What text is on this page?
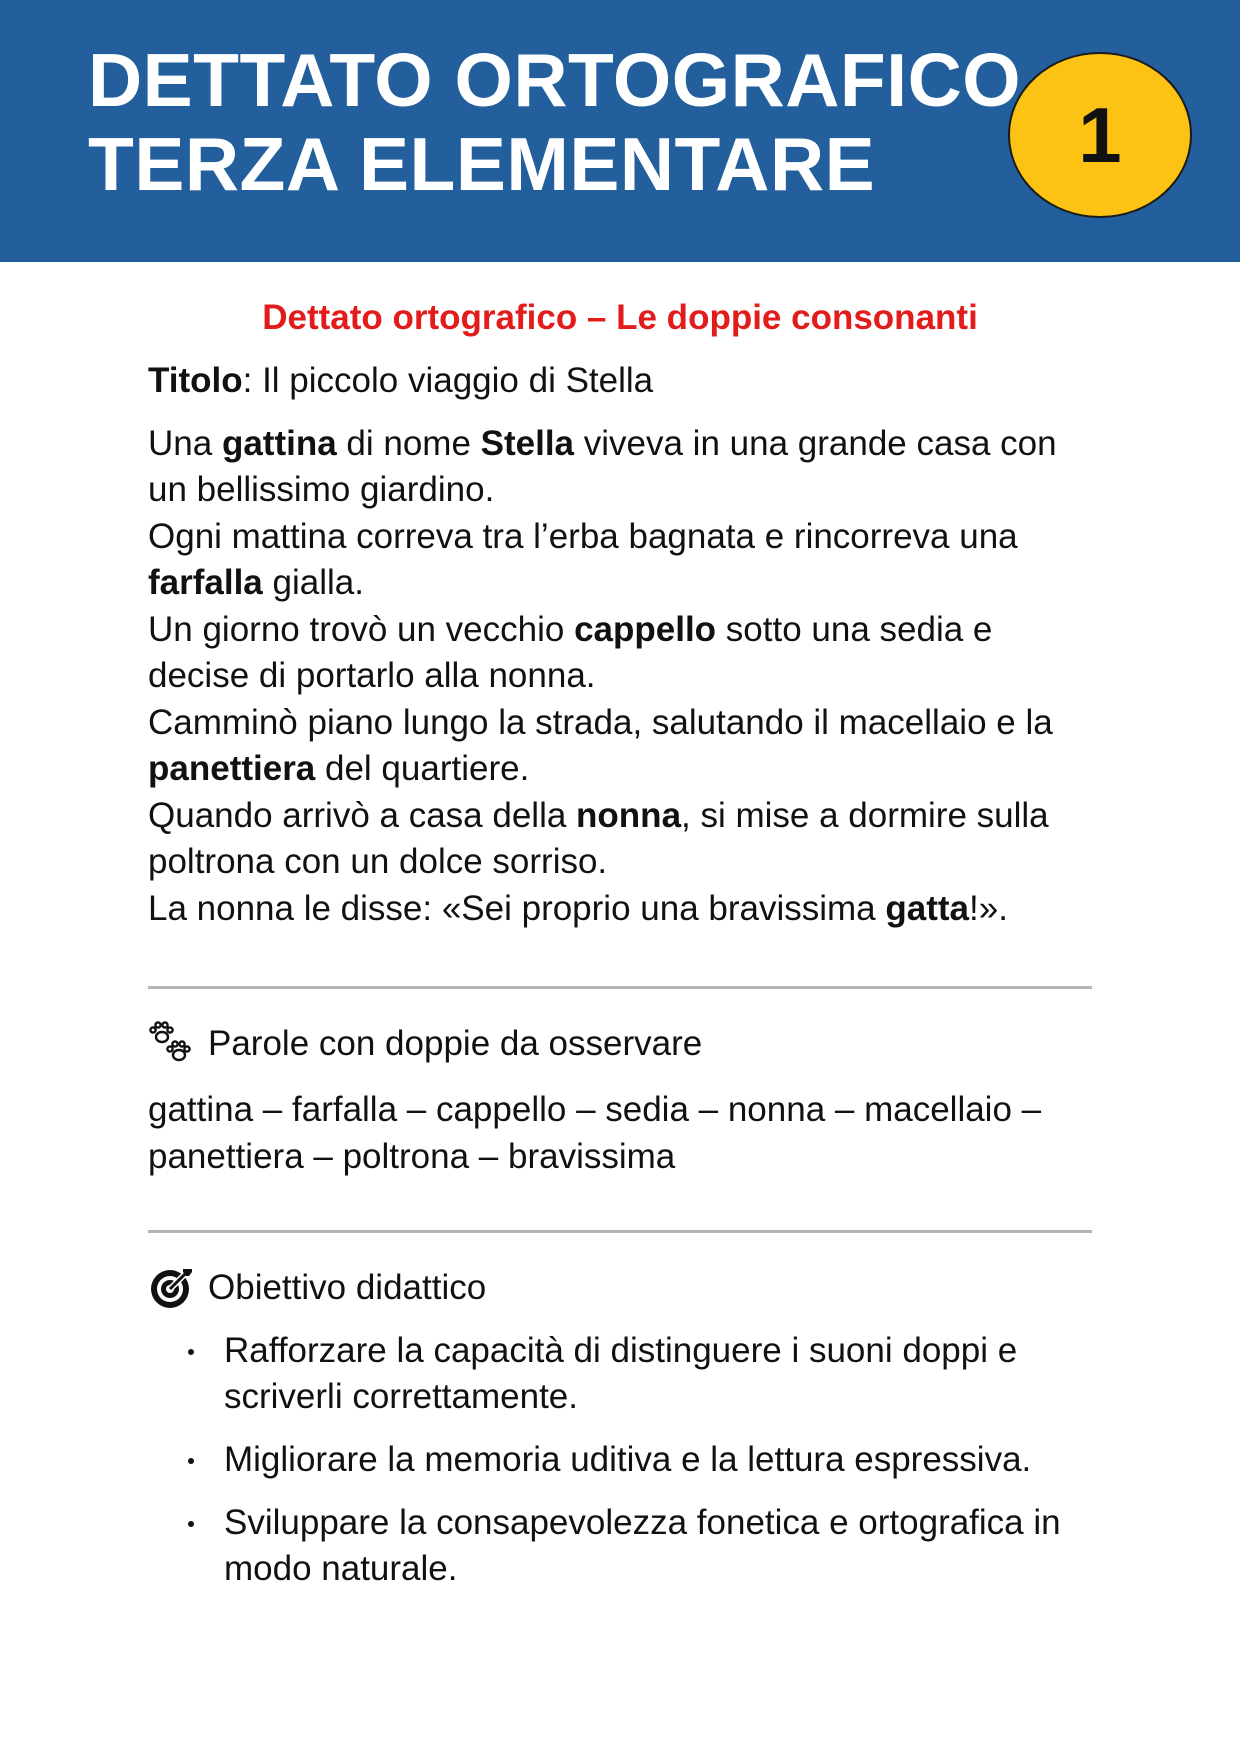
DETTATO ORTOGRAFICO
TERZA ELEMENTARE	1
Dettato ortografico – Le doppie consonanti

Titolo: Il piccolo viaggio di Stella

Una gattina di nome Stella viveva in una grande casa con un bellissimo giardino.

Ogni mattina correva tra l’erba bagnata e rincorreva una farfalla gialla.

Un giorno trovò un vecchio cappello sotto una sedia e decise di portarlo alla nonna.

Camminò piano lungo la strada, salutando il macellaio e la panettiera del quartiere.

Quando arrivò a casa della nonna, si mise a dormire sulla poltrona con un dolce sorriso.

La nonna le disse: «Sei proprio una bravissima gatta!».

Parole con doppie da osservare

gattina – farfalla – cappello – sedia – nonna – macellaio – panettiera – poltrona – bravissima

Obiettivo didattico
Rafforzare la capacità di distinguere i suoni doppi e scriverli correttamente.
Migliorare la memoria uditiva e la lettura espressiva.
Sviluppare la consapevolezza fonetica e ortografica in modo naturale.
